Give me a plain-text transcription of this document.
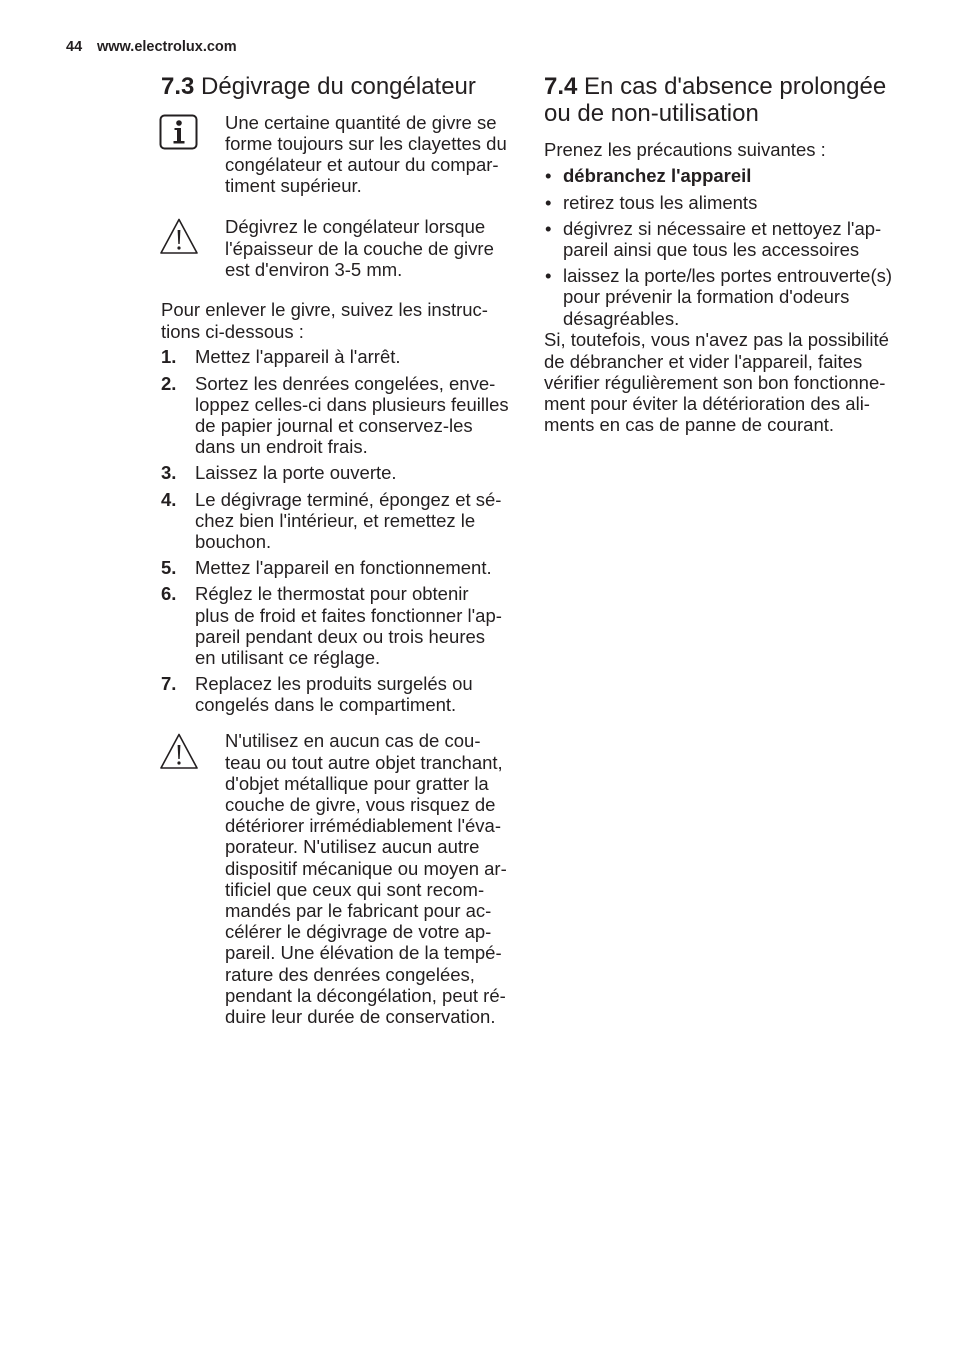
44 www.electrolux.com
7.3 Dégivrage du congélateur
Une certaine quantité de givre se
forme toujours sur les clayettes du
congélateur et autour du compar-
timent supérieur.
Dégivrez le congélateur lorsque
l'épaisseur de la couche de givre
est d'environ 3-5 mm.
Pour enlever le givre, suivez les instruc-
tions ci-dessous :
1.	Mettez l'appareil à l'arrêt.
2.	Sortez les denrées congelées, enve-
loppez celles-ci dans plusieurs feuilles
de papier journal et conservez-les
dans un endroit frais.
3.	Laissez la porte ouverte.
4.	Le dégivrage terminé, épongez et sé-
chez bien l'intérieur, et remettez le
bouchon.
5.	Mettez l'appareil en fonctionnement.
6.	Réglez le thermostat pour obtenir
plus de froid et faites fonctionner l'ap-
pareil pendant deux ou trois heures
en utilisant ce réglage.
7.	Replacez les produits surgelés ou
congelés dans le compartiment.
N'utilisez en aucun cas de cou-
teau ou tout autre objet tranchant,
d'objet métallique pour gratter la
couche de givre, vous risquez de
détériorer irrémédiablement l'éva-
porateur. N'utilisez aucun autre
dispositif mécanique ou moyen ar-
tificiel que ceux qui sont recom-
mandés par le fabricant pour ac-
célérer le dégivrage de votre ap-
pareil. Une élévation de la tempé-
rature des denrées congelées,
pendant la décongélation, peut ré-
duire leur durée de conservation.
7.4 En cas d'absence prolongée
ou de non-utilisation
Prenez les précautions suivantes :
• débranchez l'appareil
• retirez tous les aliments
• dégivrez si nécessaire et nettoyez l'ap-
pareil ainsi que tous les accessoires
• laissez la porte/les portes entrouverte(s)
pour prévenir la formation d'odeurs
désagréables.
Si, toutefois, vous n'avez pas la possibilité
de débrancher et vider l'appareil, faites
vérifier régulièrement son bon fonctionne-
ment pour éviter la détérioration des ali-
ments en cas de panne de courant.
